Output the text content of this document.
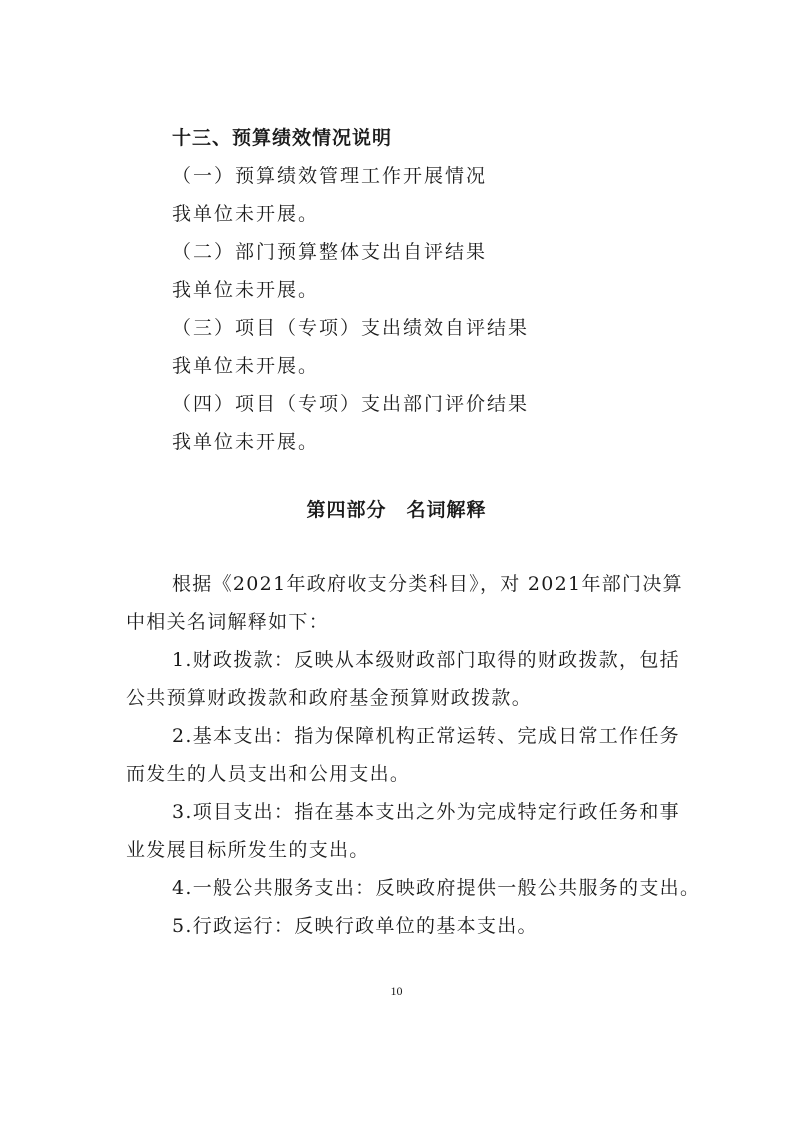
十三、预算绩效情况说明
（一）预算绩效管理工作开展情况
我单位未开展。
（二）部门预算整体支出自评结果
我单位未开展。
（三）项目（专项）支出绩效自评结果
我单位未开展。
（四）项目（专项）支出部门评价结果
我单位未开展。
第四部分　名词解释
根据《2021年政府收支分类科目》，对 2021年部门决算
中相关名词解释如下：
1.财政拨款：反映从本级财政部门取得的财政拨款，包括
公共预算财政拨款和政府基金预算财政拨款。
2.基本支出：指为保障机构正常运转、完成日常工作任务
而发生的人员支出和公用支出。
3.项目支出：指在基本支出之外为完成特定行政任务和事
业发展目标所发生的支出。
4.一般公共服务支出：反映政府提供一般公共服务的支出。
5.行政运行：反映行政单位的基本支出。
10
